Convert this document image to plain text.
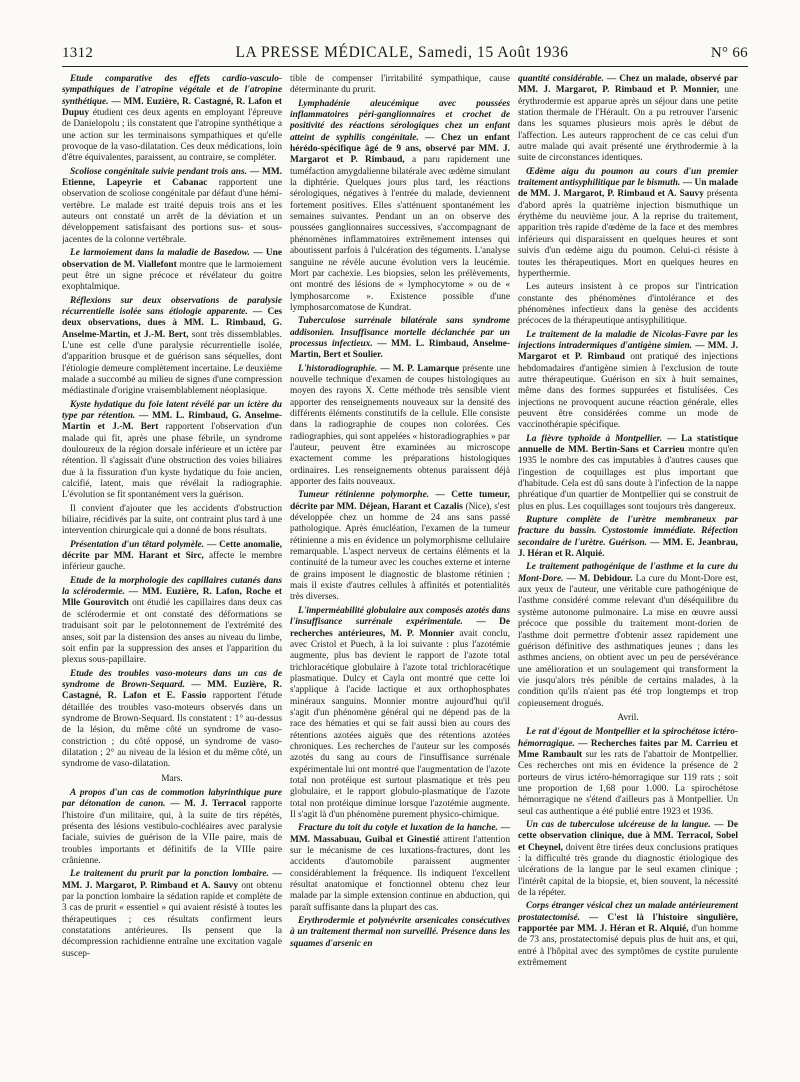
1312	LA PRESSE MÉDICALE, Samedi, 15 Août 1936	N° 66

Etude comparative des effets cardio-vasculo-sympathiques de l'atropine végétale et de l'atropine synthétique. — MM. Euzière, R. Castagné, R. Lafon et Dupuy étudient ces deux agents en employant l'épreuve de Danielopolu ; ils constatent que l'atropine synthétique a une action sur les terminaisons sympathiques et qu'elle provoque de la vaso-dilatation. Ces deux médications, loin d'être équivalentes, paraissent, au contraire, se compléter.

Scoliose congénitale suivie pendant trois ans. — MM. Etienne, Lapeyrie et Cabanac rapportent une observation de scoliose congénitale par défaut d'une hémi-vertèbre. Le malade est traité depuis trois ans et les auteurs ont constaté un arrêt de la déviation et un développement satisfaisant des portions sus- et sous-jacentes de la colonne vertébrale.

Le larmoiement dans la maladie de Basedow. — Une observation de M. Viallefont montre que le larmoiement peut être un signe précoce et révélateur du goitre exophtalmique.

Réflexions sur deux observations de paralysie récurrentielle isolée sans étiologie apparente. — Ces deux observations, dues à MM. L. Rimbaud, G. Anselme-Martin, et J.-M. Bert, sont très dissemblables. L'une est celle d'une paralysie récurrentielle isolée, d'apparition brusque et de guérison sans séquelles, dont l'étiologie demeure complètement incertaine. Le deuxième malade a succombé au milieu de signes d'une compression médiastinale d'origine vraisemblablement néoplasique.

Kyste hydatique du foie latent révélé par un ictère du type par rétention. — MM. L. Rimbaud, G. Anselme-Martin et J.-M. Bert rapportent l'observation d'un malade qui fit, après une phase fébrile, un syndrome douloureux de la région dorsale inférieure et un ictère par rétention. Il s'agissait d'une obstruction des voies biliaires due à la fissuration d'un kyste hydatique du foie ancien, calcifié, latent, mais que révélait la radiographie. L'évolution se fit spontanément vers la guérison.

Il convient d'ajouter que les accidents d'obstruction biliaire, récidivés par la suite, ont contraint plus tard à une intervention chirurgicale qui a donné de bons résultats.

Présentation d'un têtard polymèle. — Cette anomalie, décrite par MM. Harant et Sirc, affecte le membre inférieur gauche.

Etude de la morphologie des capillaires cutanés dans la sclérodermie. — MM. Euzière, R. Lafon, Roche et Mlle Gourovitch ont étudié les capillaires dans deux cas de sclérodermie et ont constaté des déformations se traduisant soit par le pelotonnement de l'extrémité des anses, soit par la distension des anses au niveau du limbe, soit enfin par la suppression des anses et l'apparition du plexus sous-papillaire.

Etude des troubles vaso-moteurs dans un cas de syndrome de Brown-Sequard. — MM. Euzière, R. Castagné, R. Lafon et E. Fassio rapportent l'étude détaillée des troubles vaso-moteurs observés dans un syndrome de Brown-Sequard. Ils constatent : 1° au-dessus de la lésion, du même côté un syndrome de vaso-constriction ; du côté opposé, un syndrome de vaso-dilatation ; 2° au niveau de la lésion et du même côté, un syndrome de vaso-dilatation.

Mars.

A propos d'un cas de commotion labyrinthique pure par détonation de canon. — M. J. Terracol rapporte l'histoire d'un militaire, qui, à la suite de tirs répétés, présenta des lésions vestibulo-cochléaires avec paralysie faciale, suivies de guérison de la VIIe paire, mais de troubles importants et définitifs de la VIIIe paire crânienne.

Le traitement du prurit par la ponction lombaire. — MM. J. Margarot, P. Rimbaud et A. Sauvy ont obtenu par la ponction lombaire la sédation rapide et complète de 3 cas de prurit « essentiel » qui avaient résisté à toutes les thérapeutiques ; ces résultats confirment leurs constatations antérieures. Ils pensent que la décompression rachidienne entraîne une excitation vagale suscep-

tible de compenser l'irritabilité sympathique, cause déterminante du prurit.

Lymphadénie aleucémique avec poussées inflammatoires péri-ganglionnaires et crochet de positivité des réactions sérologiques chez un enfant atteint de syphilis congénitale. — Chez un enfant hérédo-spécifique âgé de 9 ans, observé par MM. J. Margarot et P. Rimbaud, a paru rapidement une tuméfaction amygdalienne bilatérale avec œdème simulant la diphtérie. Quelques jours plus tard, les réactions sérologiques, négatives à l'entrée du malade, deviennent fortement positives. Elles s'atténuent spontanément les semaines suivantes. Pendant un an on observe des poussées ganglionnaires successives, s'accompagnant de phénomènes inflammatoires extrêmement intenses qui aboutissent parfois à l'ulcération des téguments. L'analyse sanguine ne révèle aucune évolution vers la leucémie. Mort par cachexie. Les biopsies, selon les prélèvements, ont montré des lésions de « lymphocytome » ou de « lymphosarcome ». Existence possible d'une lymphosarcomatose de Kundrat.

Tuberculose surrénale bilatérale sans syndrome addisonien. Insuffisance mortelle déclanchée par un processus infectieux. — MM. L. Rimbaud, Anselme-Martin, Bert et Soulier.

L'historadiographie. — M. P. Lamarque présente une nouvelle technique d'examen de coupes histologiques au moyen des rayons X. Cette méthode très sensible vient apporter des renseignements nouveaux sur la densité des différents éléments constitutifs de la cellule. Elle consiste dans la radiographie de coupes non colorées. Ces radiographies, qui sont appelées « historadiographies » par l'auteur, peuvent être examinées au microscope exactement comme les préparations histologiques ordinaires. Les renseignements obtenus paraissent déjà apporter des faits nouveaux.

Tumeur rétinienne polymorphe. — Cette tumeur, décrite par MM. Déjean, Harant et Cazalis (Nice), s'est développée chez un homme de 24 ans sans passé pathologique. Après énucléation, l'examen de la tumeur rétinienne a mis en évidence un polymorphisme cellulaire remarquable. L'aspect nerveux de certains éléments et la continuité de la tumeur avec les couches externe et interne de grains imposent le diagnostic de blastome rétinien ; mais il existe d'autres cellules à affinités et potentialités très diverses.

L'imperméabilité globulaire aux composés azotés dans l'insuffisance surrénale expérimentale. — De recherches antérieures, M. P. Monnier avait conclu, avec Cristol et Puech, à la loi suivante : plus l'azotémie augmente, plus bas devient le rapport de l'azote total trichloracétique globulaire à l'azote total trichloracétique plasmatique. Dulcy et Cayla ont montré que cette loi s'applique à l'acide lactique et aux orthophosphates minéraux sanguins. Monnier montre aujourd'hui qu'il s'agit d'un phénomène général qui ne dépend pas de la race des hématies et qui se fait aussi bien au cours des rétentions azotées aiguës que des rétentions azotées chroniques. Les recherches de l'auteur sur les composés azotés du sang au cours de l'insuffisance surrénale expérimentale lui ont montré que l'augmentation de l'azote total non protéique est surtout plasmatique et très peu globulaire, et le rapport globulo-plasmatique de l'azote total non protéique diminue lorsque l'azotémie augmente. Il s'agit là d'un phénomène purement physico-chimique.

Fracture du toit du cotyle et luxation de la hanche. — MM. Massabuau, Guibal et Ginestié attirent l'attention sur le mécanisme de ces luxations-fractures, dont les accidents d'automobile paraissent augmenter considérablement la fréquence. Ils indiquent l'excellent résultat anatomique et fonctionnel obtenu chez leur malade par la simple extension continue en abduction, qui paraît suffisante dans la plupart des cas.

Erythrodermie et polynévrite arsenicales consécutives à un traitement thermal non surveillé. Présence dans les squames d'arsenic en

quantité considérable. — Chez un malade, observé par MM. J. Margarot, P. Rimbaud et P. Monnier, une érythrodermie est apparue après un séjour dans une petite station thermale de l'Hérault. On a pu retrouver l'arsenic dans les squames plusieurs mois après le début de l'affection. Les auteurs rapprochent de ce cas celui d'un autre malade qui avait présenté une érythrodermie à la suite de circonstances identiques.

Œdème aigu du poumon au cours d'un premier traitement antisyphilitique par le bismuth. — Un malade de MM. J. Margarot, P. Rimbaud et A. Sauvy présenta d'abord après la quatrième injection bismuthique un érythème du neuvième jour. A la reprise du traitement, apparition très rapide d'œdème de la face et des membres inférieurs qui disparaissent en quelques heures et sont suivis d'un œdème aigu du poumon. Celui-ci résiste à toutes les thérapeutiques. Mort en quelques heures en hyperthermie.

Les auteurs insistent à ce propos sur l'intrication constante des phénomènes d'intolérance et des phénomènes infectieux dans la genèse des accidents précoces de la thérapeutique antisyphilitique.

Le traitement de la maladie de Nicolas-Favre par les injections intradermiques d'antigène simien. — MM. J. Margarot et P. Rimbaud ont pratiqué des injections hebdomadaires d'antigène simien à l'exclusion de toute autre thérapeutique. Guérison en six à huit semaines, même dans des formes suppurées et fistulisées. Ces injections ne provoquent aucune réaction générale, elles peuvent être considérées comme un mode de vaccinothérapie spécifique.

La fièvre typhoïde à Montpellier. — La statistique annuelle de MM. Bertin-Sans et Carrieu montre qu'en 1935 le nombre des cas imputables à d'autres causes que l'ingestion de coquillages est plus important que d'habitude. Cela est dû sans doute à l'infection de la nappe phréatique d'un quartier de Montpellier qui se construit de plus en plus. Les coquillages sont toujours très dangereux.

Rupture complète de l'urètre membraneux par fracture du bassin. Cystostomie immédiate. Réfection secondaire de l'urètre. Guérison. — MM. E. Jeanbrau, J. Héran et R. Alquié.

Le traitement pathogénique de l'asthme et la cure du Mont-Dore. — M. Debidour. La cure du Mont-Dore est, aux yeux de l'auteur, une véritable cure pathogénique de l'asthme considéré comme relevant d'un déséquilibre du système autonome pulmonaire. La mise en œuvre aussi précoce que possible du traitement mont-dorien de l'asthme doit permettre d'obtenir assez rapidement une guérison définitive des asthmatiques jeunes ; dans les asthmes anciens, on obtient avec un peu de persévérance une amélioration et un soulagement qui transforment la vie jusqu'alors très pénible de certains malades, à la condition qu'ils n'aient pas été trop longtemps et trop copieusement drogués.

Avril.

Le rat d'égout de Montpellier et la spirochétose ictéro-hémorragique. — Recherches faites par M. Carrieu et Mme Rambault sur les rats de l'abattoir de Montpellier. Ces recherches ont mis en évidence la présence de 2 porteurs de virus ictéro-hémorragique sur 119 rats ; soit une proportion de 1,68 pour 1.000. La spirochétose hémorragique ne s'étend d'ailleurs pas à Montpellier. Un seul cas authentique a été publié entre 1923 et 1936.

Un cas de tuberculose ulcéreuse de la langue. — De cette observation clinique, due à MM. Terracol, Sobel et Cheynel, doivent être tirées deux conclusions pratiques : la difficulté très grande du diagnostic étiologique des ulcérations de la langue par le seul examen clinique ; l'intérêt capital de la biopsie, et, bien souvent, la nécessité de la répéter.

Corps étranger vésical chez un malade antérieurement prostatectomisé. — C'est là l'histoire singulière, rapportée par MM. J. Héran et R. Alquié, d'un homme de 73 ans, prostatectomisé depuis plus de huit ans, et qui, entré à l'hôpital avec des symptômes de cystite purulente extrêmement
